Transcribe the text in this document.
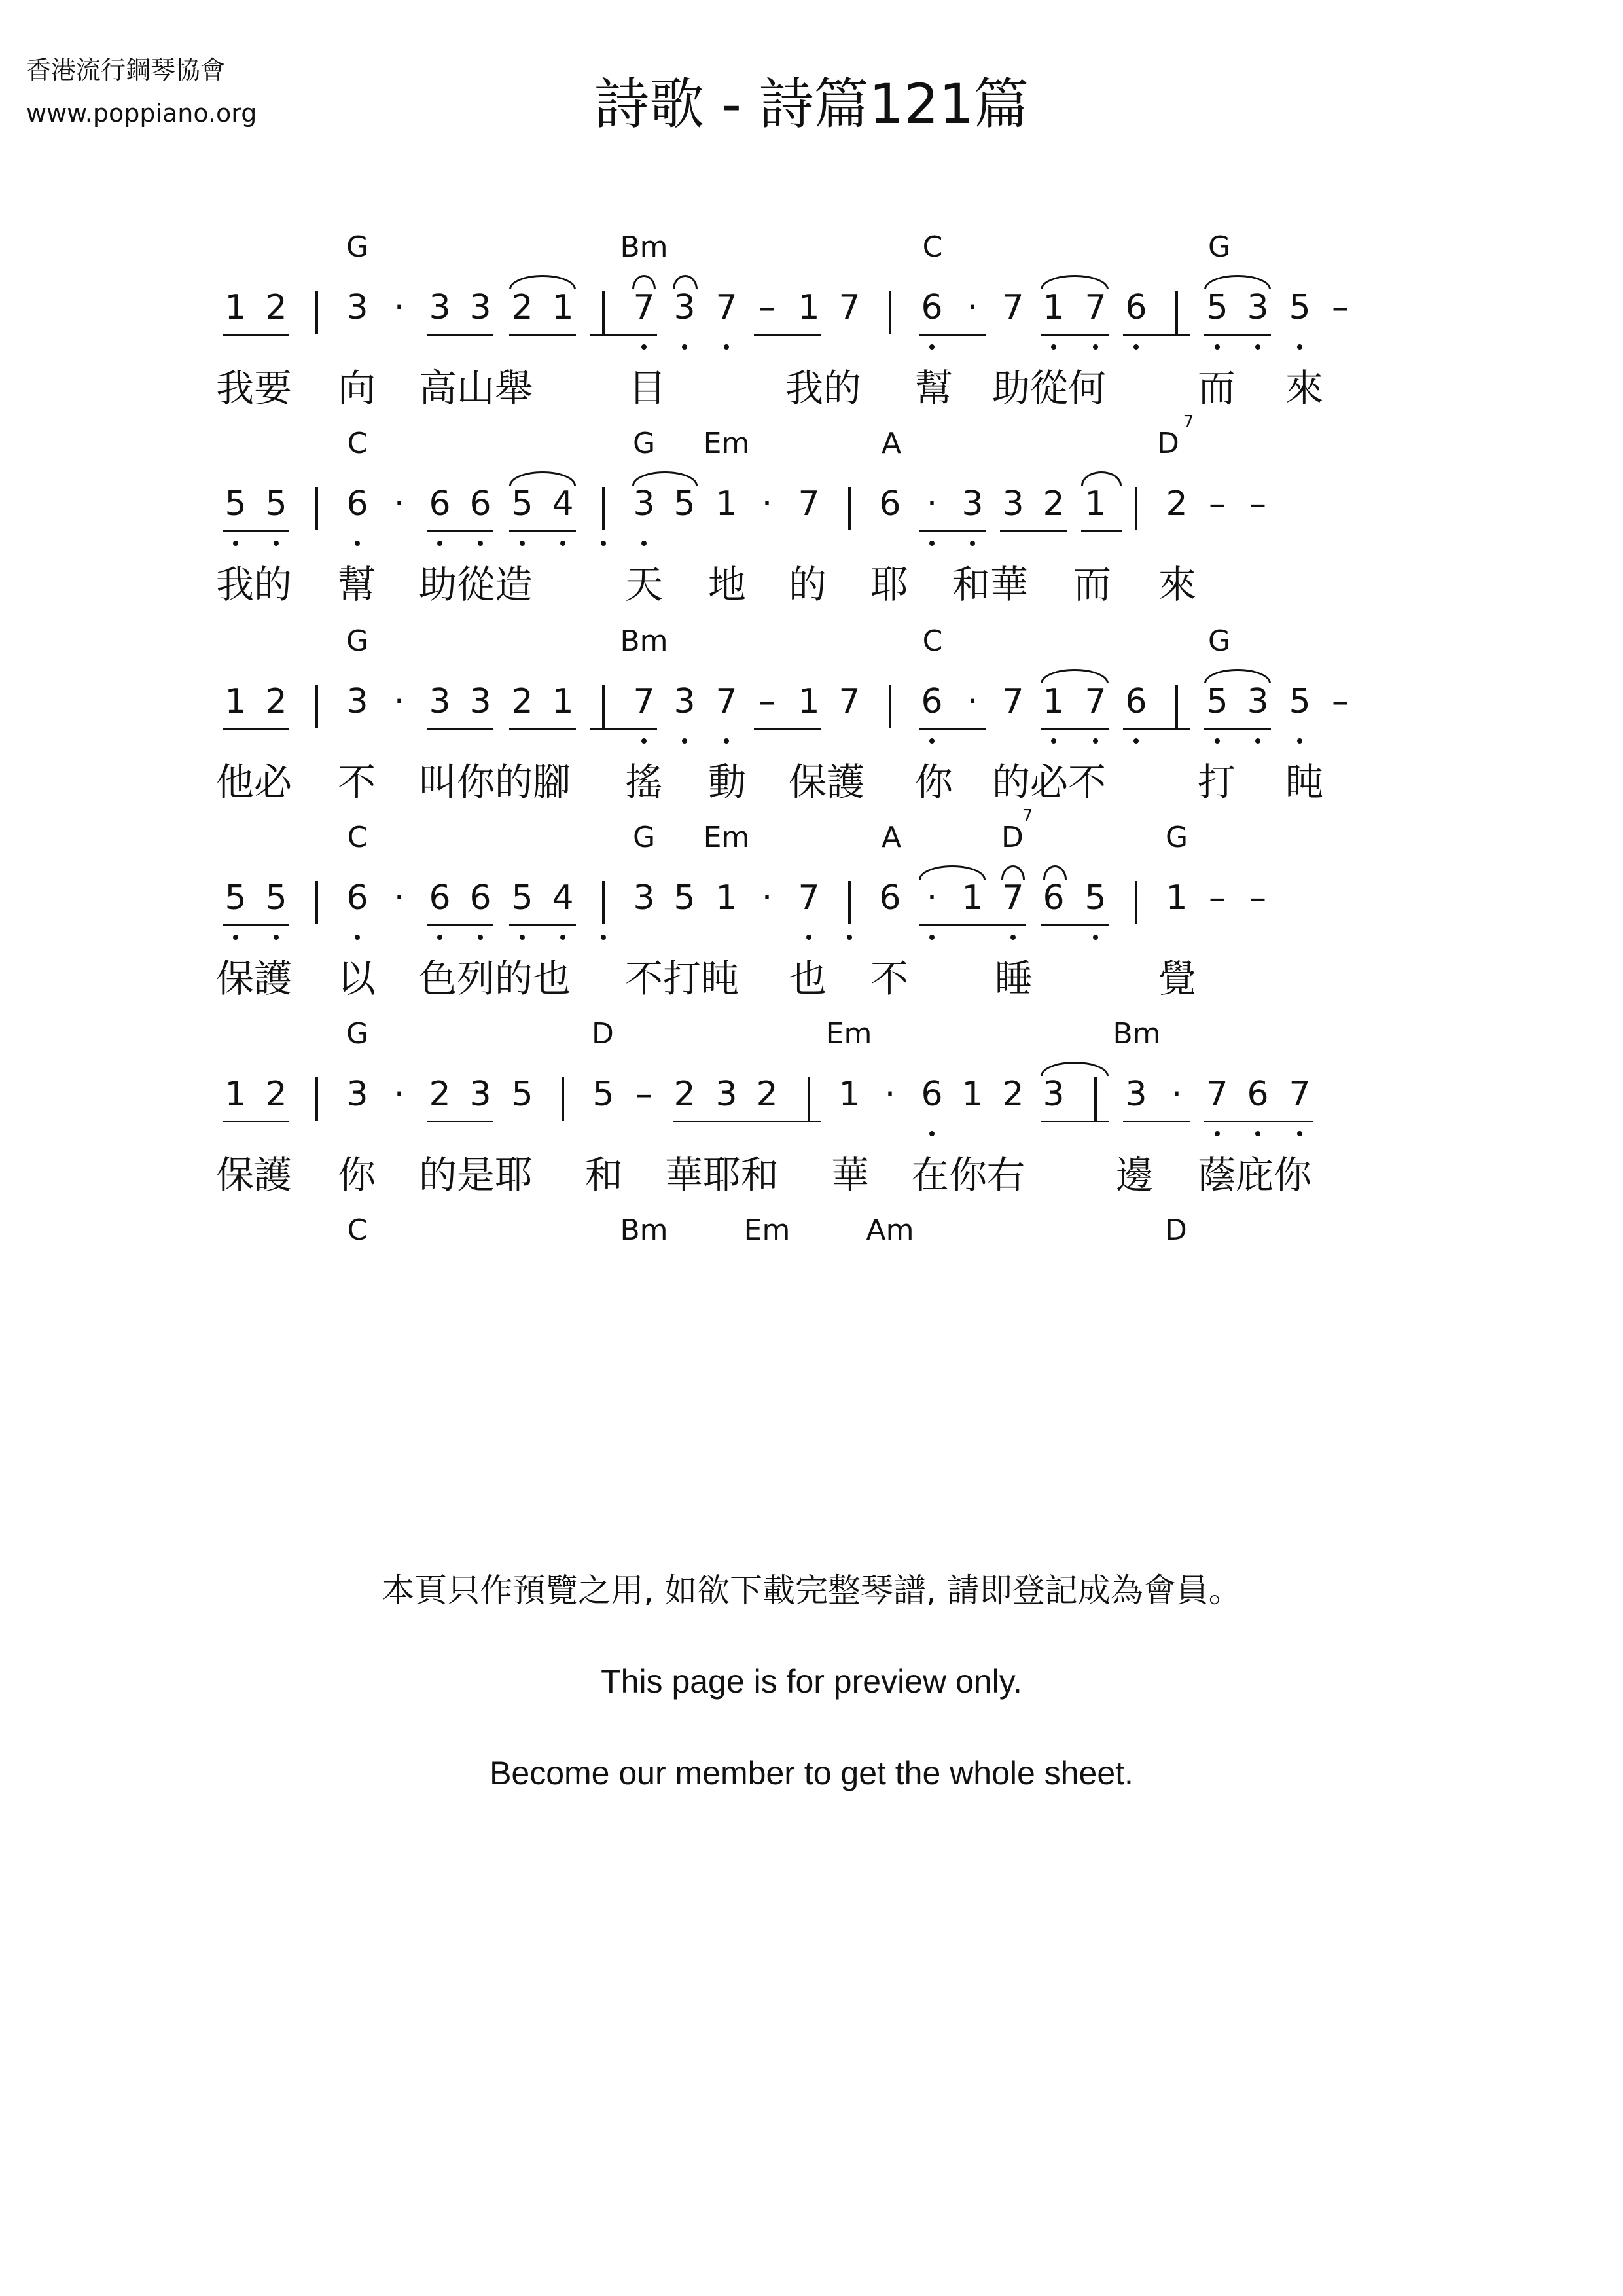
香港流行鋼琴協會
www.poppiano.org	詩歌 - 詩篇121篇
G	Bm	C	G
1 2 3 · 3 3 2 1 7 3 7 – 1 7 6 · 7 1 7 6 5 3 5 –
我要 向 高山舉	目	我的 幫 助從何 而 來
C	G Em	A	D
7
5 5 6 · 6 6 5 4 3 5 1 · 7 6 · 3 3 2 1 2 – –
我的 幫 助從造 天 地 的 耶 和華 而 來
G	Bm	C	G
1 2 3 · 3 3 2 1 7 3 7 – 1 7 6 · 7 1 7 6 5 3 5 –
他必 不 叫你的腳 搖 動 保護 你 的必不 打 盹
C	G Em	A	D
7
G
5 5 6 · 6 6 5 4 3 5 1 · 7 6 · 1 7 6 5 1 – –
保護 以 色列的也 不打盹 也 不 睡	覺
G	D	Em	Bm
1 2 3 · 2 3 5 5 – 2 3 2 1 · 6 1 2 3 3 · 7 6 7
保護 你 的是耶 和 華耶和 華 在你右 邊 蔭庇你
C	Bm	Em	Am	D
本頁只作預覽之用, 如欲下載完整琴譜, 請即登記成為會員。
This page is for preview only.
Become our member to get the whole sheet.
